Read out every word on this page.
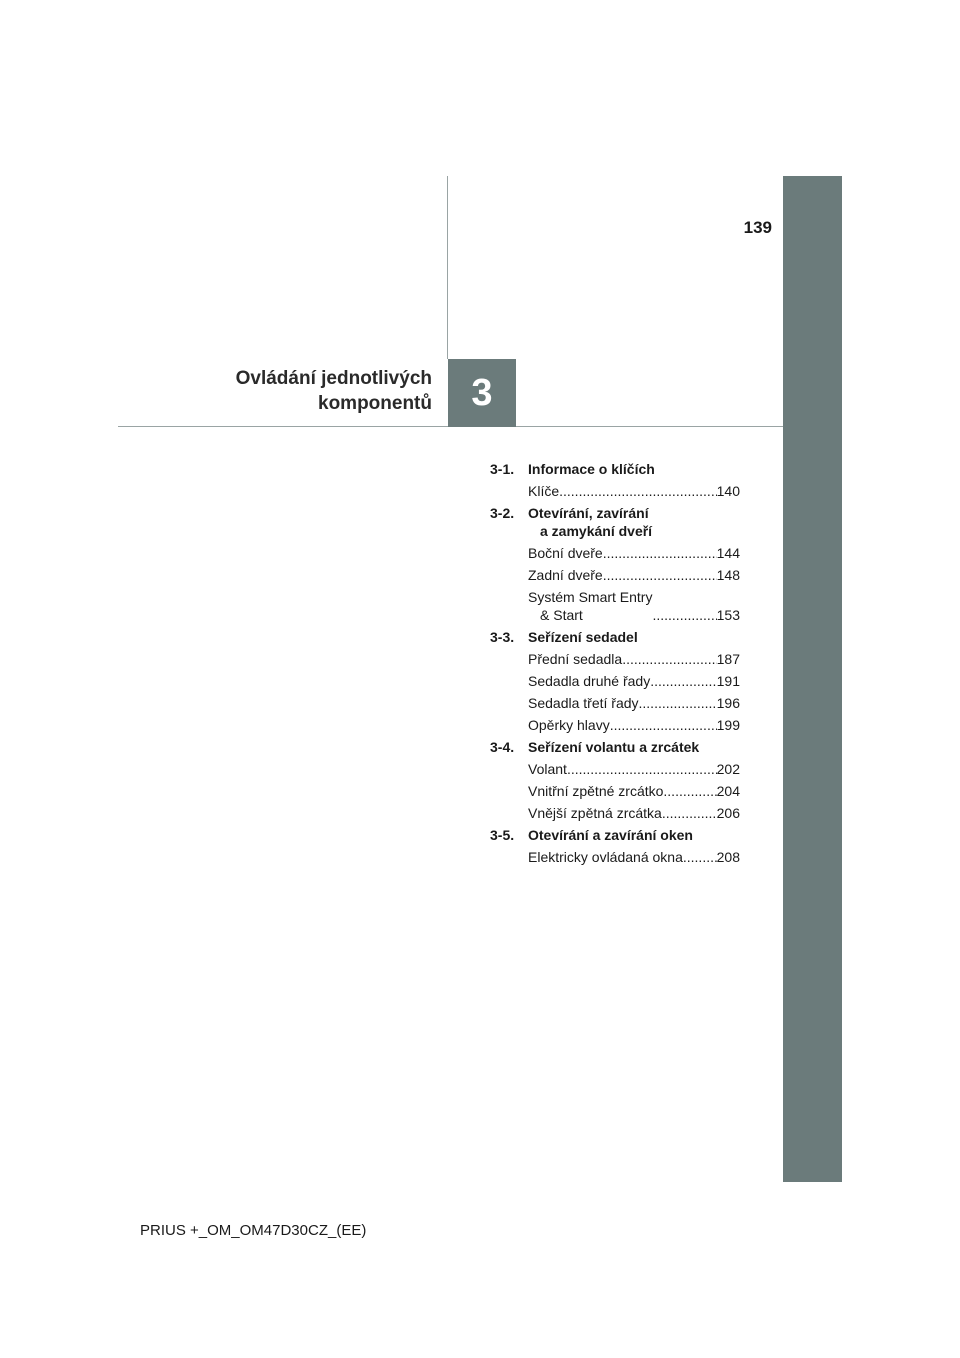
139
Ovládání jednotlivých
komponentů	3
3-1. Informace o klíčích
Klíče .....	140
3-2. Otevírání, zavírání
a zamykání dveří
Boční dveře .....	144
Zadní dveře .....	148
Systém Smart Entry
& Start .....	153
3-3. Seřízení sedadel
Přední sedadla .....	187
Sedadla druhé řady .....	191
Sedadla třetí řady .....	196
Opěrky hlavy .....	199
3-4. Seřízení volantu a zrcátek
Volant .....	202
Vnitřní zpětné zrcátko .....	204
Vnější zpětná zrcátka .....	206
3-5. Otevírání a zavírání oken
Elektricky ovládaná okna ..... 208
PRIUS +_OM_OM47D30CZ_(EE)
